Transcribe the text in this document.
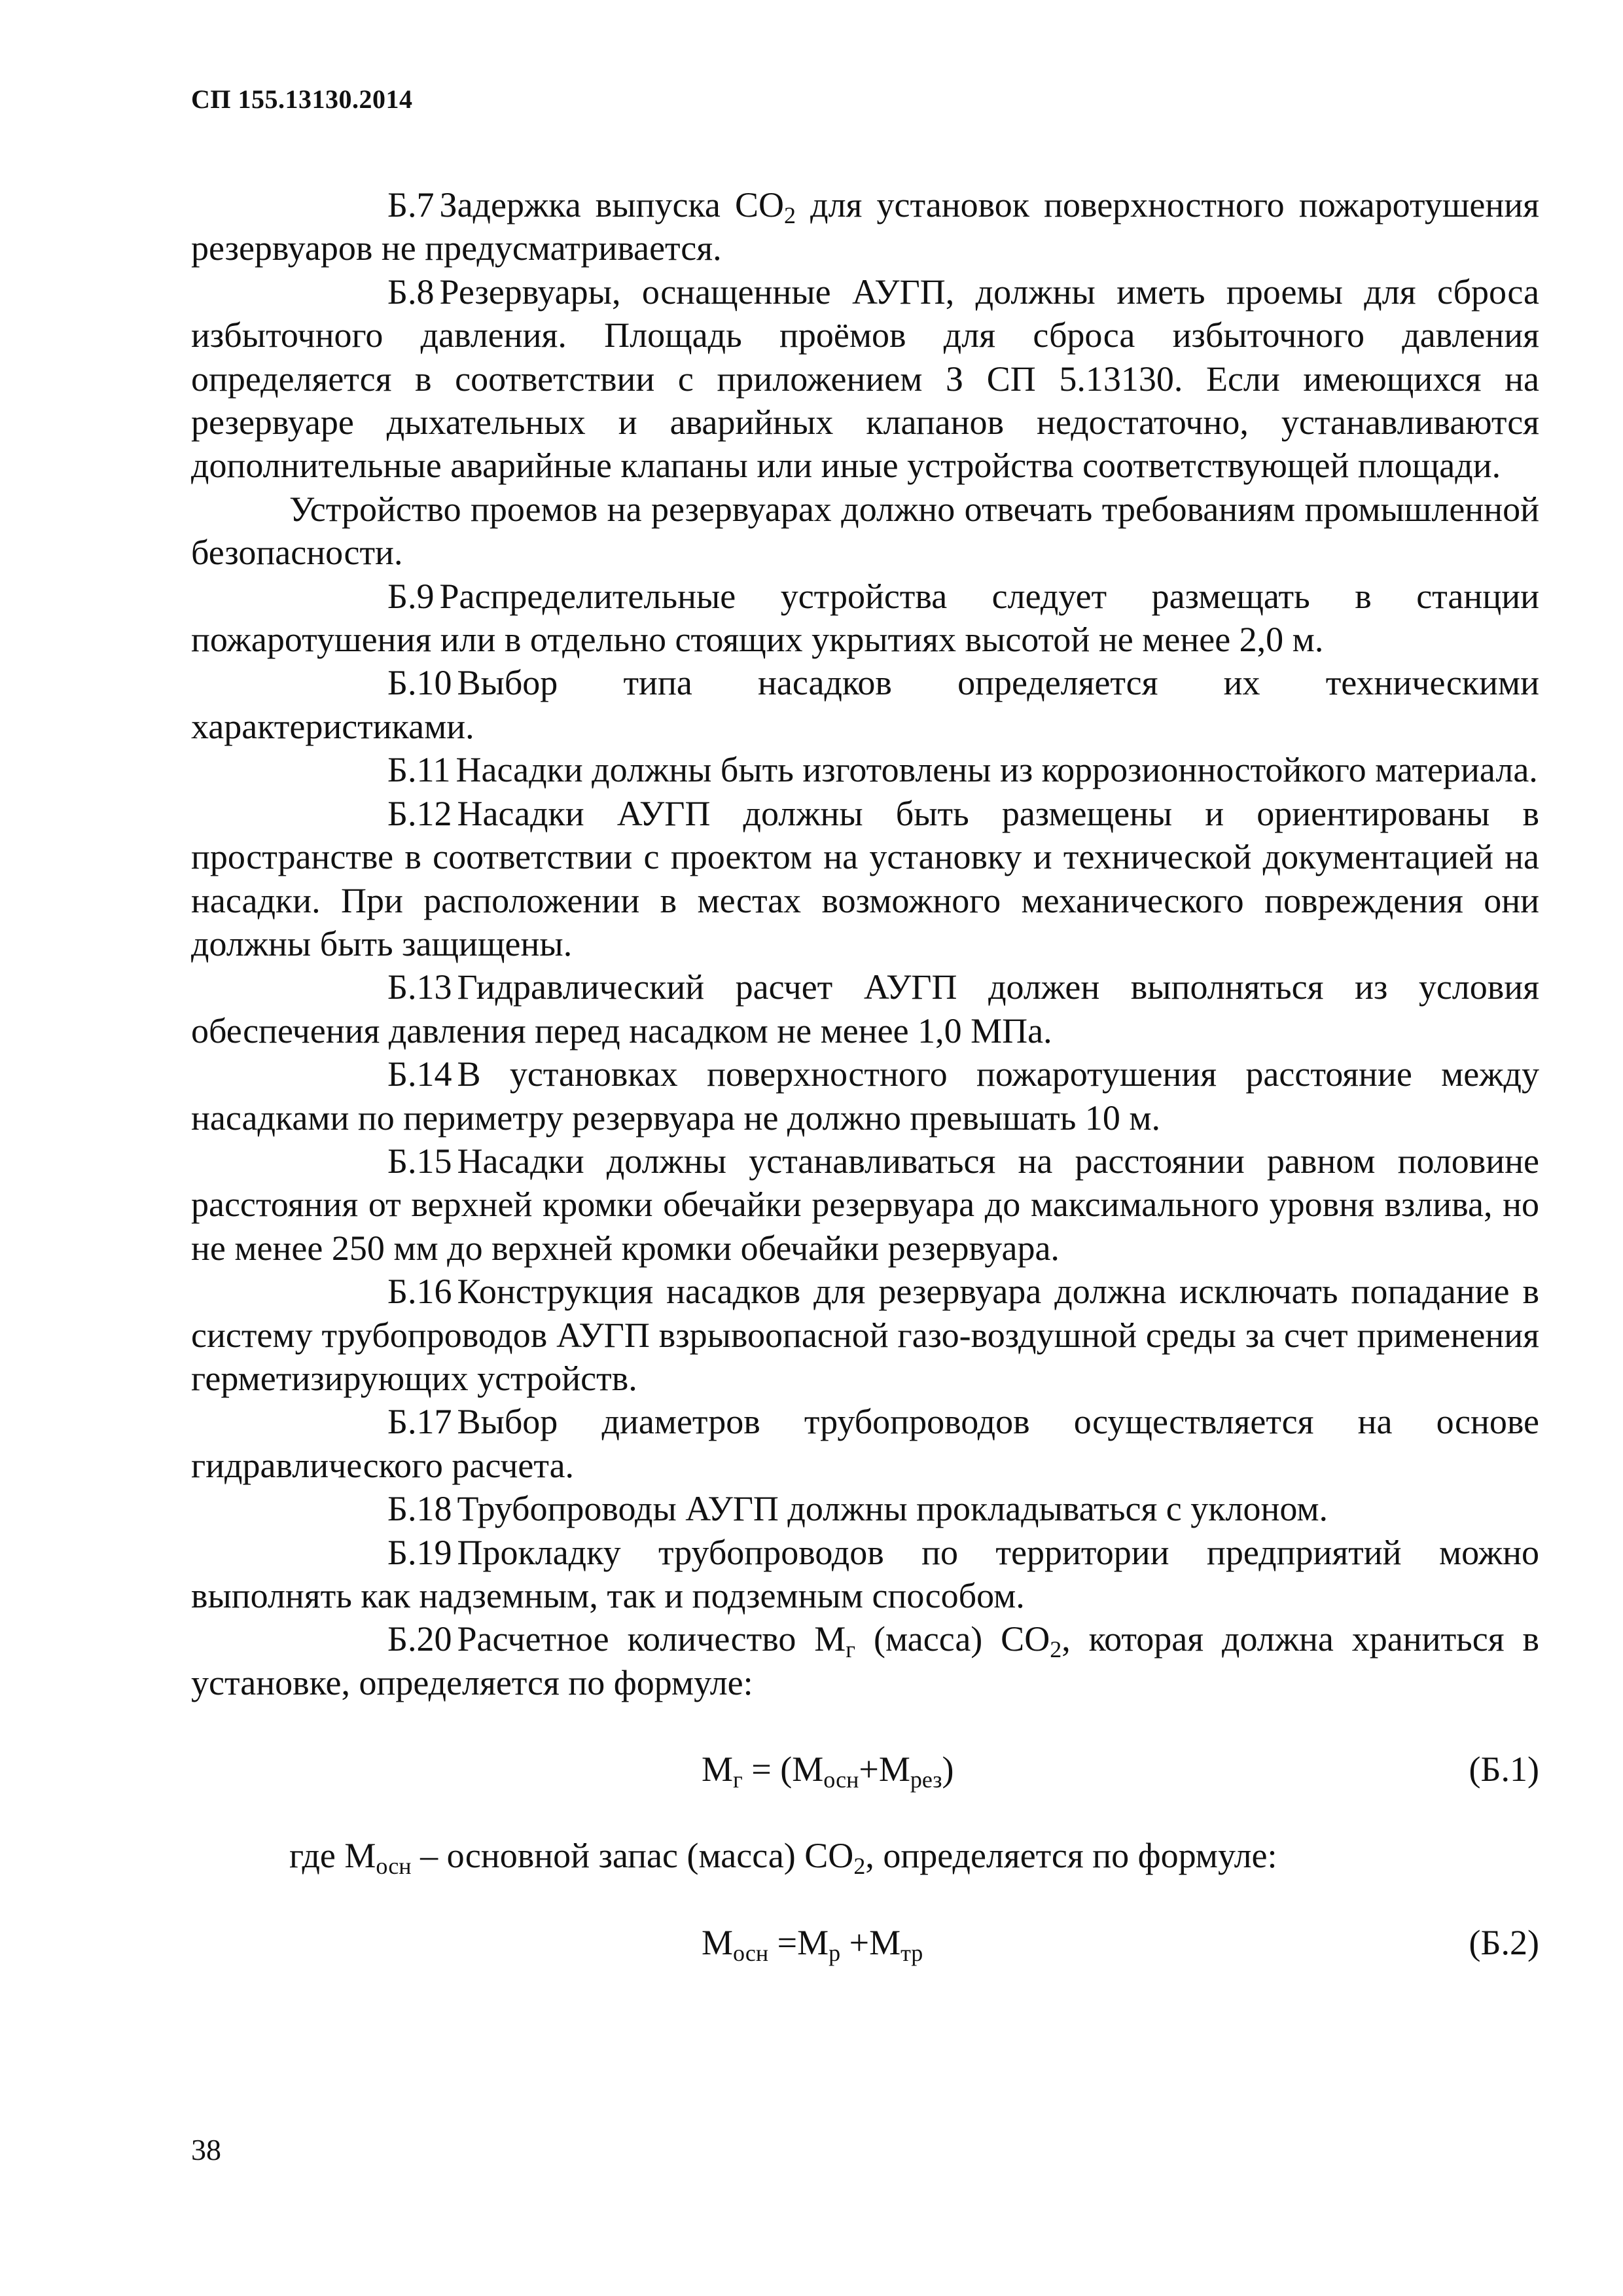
СП 155.13130.2014

Б.7 Задержка выпуска $СО_2$ для установок поверхностного пожаротушения резервуаров не предусматривается.

Б.8 Резервуары, оснащенные АУГП, должны иметь проемы для сброса избыточного давления. Площадь проёмов для сброса избыточного давления определяется в соответствии с приложением З СП 5.13130. Если имеющихся на резервуаре дыхательных и аварийных клапанов недостаточно, устанавливаются дополнительные аварийные клапаны или иные устройства соответствующей площади.

Устройство проемов на резервуарах должно отвечать требованиям промышленной безопасности.

Б.9 Распределительные устройства следует размещать в станции пожаротушения или в отдельно стоящих укрытиях высотой не менее 2,0 м.

Б.10 Выбор типа насадков определяется их техническими характеристиками.

Б.11 Насадки должны быть изготовлены из коррозионностойкого материала.

Б.12 Насадки АУГП должны быть размещены и ориентированы в пространстве в соответствии с проектом на установку и технической документацией на насадки. При расположении в местах возможного механического повреждения они должны быть защищены.

Б.13 Гидравлический расчет АУГП должен выполняться из условия обеспечения давления перед насадком не менее 1,0 МПа.

Б.14 В установках поверхностного пожаротушения расстояние между насадками по периметру резервуара не должно превышать 10 м.

Б.15 Насадки должны устанавливаться на расстоянии равном половине расстояния от верхней кромки обечайки резервуара до максимального уровня взлива, но не менее 250 мм до верхней кромки обечайки резервуара.

Б.16 Конструкция насадков для резервуара должна исключать попадание в систему трубопроводов АУГП взрывоопасной газо-воздушной среды за счет применения герметизирующих устройств.

Б.17 Выбор диаметров трубопроводов осуществляется на основе гидравлического расчета.

Б.18 Трубопроводы АУГП должны прокладываться с уклоном.

Б.19 Прокладку трубопроводов по территории предприятий можно выполнять как надземным, так и подземным способом.

Б.20 Расчетное количество $М_г$ (масса) $СО_2$, которая должна храниться в установке, определяется по формуле:

$М_г = (М_{осн}+М_{рез})$	(Б.1)

где $М_{осн}$ – основной запас (масса) $СО_2$, определяется по формуле:

$М_{осн} =М_р +М_{тр}$	(Б.2)
38
